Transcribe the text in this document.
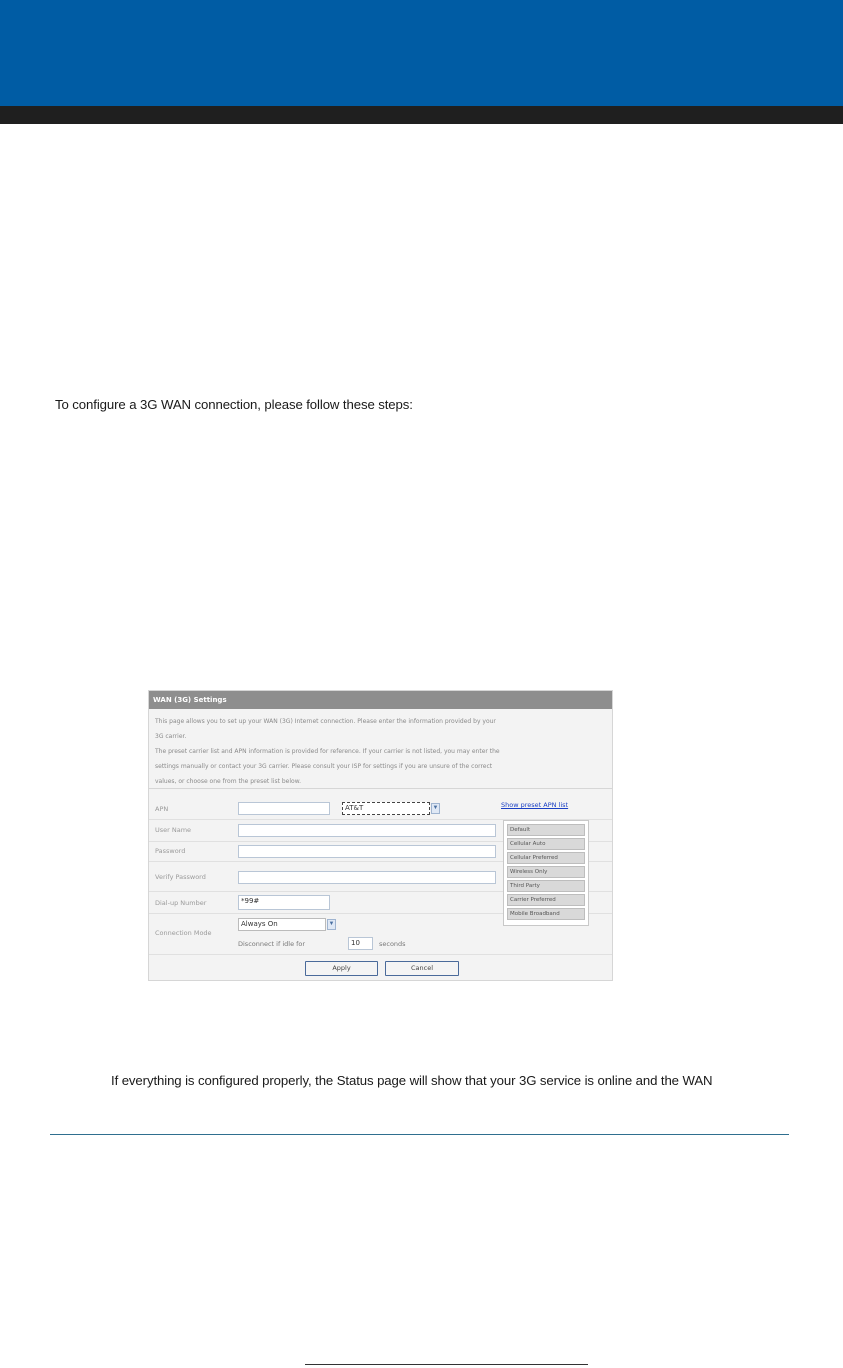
To configure a 3G WAN connection, please follow these steps:
WAN (3G) Settings
This page allows you to set up your WAN (3G) Internet connection. Please enter the information provided by your
3G carrier.
The preset carrier list and APN information is provided for reference. If your carrier is not listed, you may enter the
settings manually or contact your 3G carrier. Please consult your ISP for settings if you are unsure of the correct
values, or choose one from the preset list below.
APN	AT&T	▼	Show preset APN list
User Name
Password
Verify Password
Dial-up Number	*99#
Connection Mode
Always On	▼
Disconnect if idle for	10	seconds
Default
Cellular Auto
Cellular Preferred
Wireless Only
Third Party
Carrier Preferred
Mobile Broadband
Apply	Cancel
If everything is configured properly, the Status page will show that your 3G service is online and the WAN
